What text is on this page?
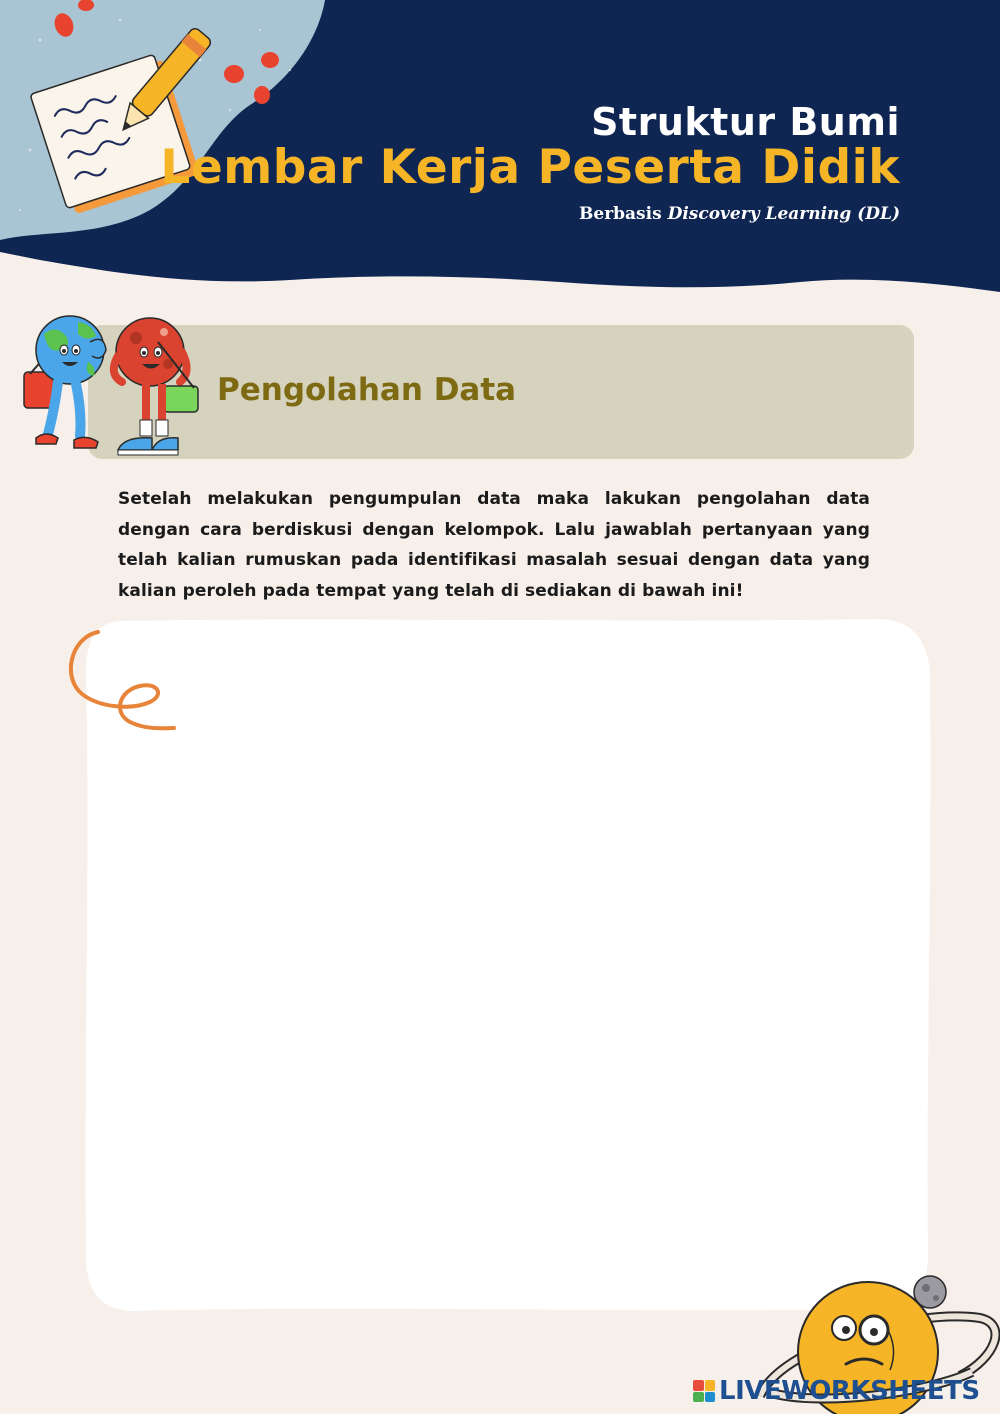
Struktur Bumi
Lembar Kerja Peserta Didik
Berbasis Discovery Learning (DL)
Pengolahan Data
Setelah melakukan pengumpulan data maka lakukan pengolahan data dengan cara berdiskusi dengan kelompok. Lalu jawablah pertanyaan yang telah kalian rumuskan pada identifikasi masalah sesuai dengan data yang kalian peroleh pada tempat yang telah di sediakan di bawah ini!
LIVEWORKSHEETS
